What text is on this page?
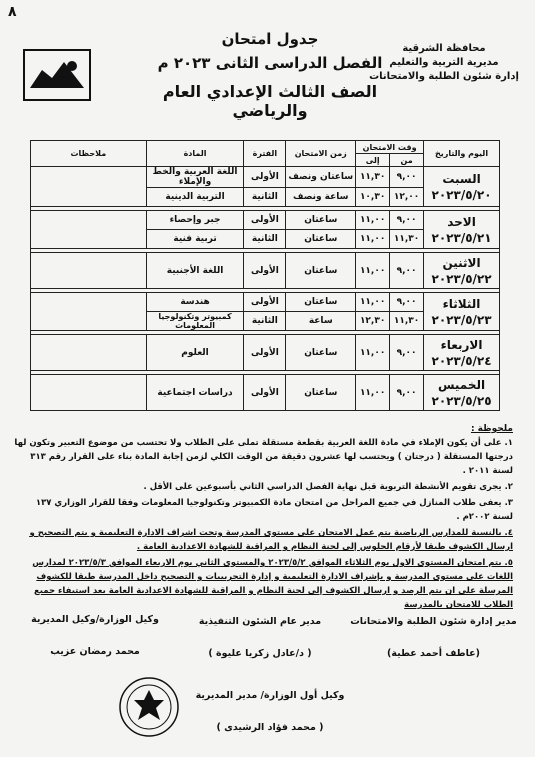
٨
محافظة الشرقية
مديرية التربية والتعليم
إدارة شئون الطلبة والامتحانات
جدول امتحان
الفصل الدراسى الثانى ٢٠٢٣ م
الصف الثالث الإعدادي العام والرياضي
اليوم والتاريخ	وقت الامتحان		زمن الامتحان	الفترة	المادة	ملاحظات
	من	إلى				

السبت
٢٠٢٣/٥/٢٠	٩,٠٠	١١,٣٠	ساعتان ونصف	الأولى	اللغة العربية والخط والإملاء	
	١٢,٠٠	١٠,٣٠	ساعة ونصف	الثانية	التربية الدينية	

الاحد
٢٠٢٣/٥/٢١	٩,٠٠	١١,٠٠	ساعتان	الأولى	جبر وإحصاء	
	١١,٣٠	١١,٠٠	ساعتان	الثانية	تربية فنية	

الاثنين
٢٠٢٣/٥/٢٢	٩,٠٠	١١,٠٠	ساعتان	الأولى	اللغة الأجنبية	

الثلاثاء
٢٠٢٣/٥/٢٣	٩,٠٠	١١,٠٠	ساعتان	الأولى	هندسة	
	١١,٣٠	١٢,٣٠	ساعة	الثانية	كمبيوتر وتكنولوجيا المعلومات	

الاربعاء
٢٠٢٣/٥/٢٤	٩,٠٠	١١,٠٠	ساعتان	الأولى	العلوم	

الخميس
٢٠٢٣/٥/٢٥	٩,٠٠	١١,٠٠	ساعتان	الأولى	دراسات اجتماعية	
ملحوظة :

١. على أن يكون الإملاء في مادة اللغة العربية بقطعة مستقلة تملى على الطلاب ولا تحتسب من موضوع التعبير وتكون لها درجتها المستقلة ( درجتان ) ويحتسب لها عشرون دقيقة من الوقت الكلي لزمن إجابة المادة بناء على القرار رقم ٣١٣ لسنة ٢٠١١ .

٢. يجرى تقويم الأنشطة التربوية قبل نهاية الفصل الدراسي الثاني بأسبوعين على الأقل .

٣. يعفى طلاب المنازل في جميع المراحل من امتحان مادة الكمبيوتر وتكنولوجيا المعلومات وفقا للقرار الوزاري ١٣٧ لسنة ٢٠٠٢م .

٤. بالنسبة للمدارس الرياضية يتم عمل الامتحان على مستوى المدرسة وتحت اشراف الادارة التعليمية و يتم التصحيح و ارسال الكشوف طبقا لأرقام الجلوس إلى لجنة النظام و المراقبة للشهادة الاعدادية العامة .

٥. يتم امتحان المستوى الاول يوم الثلاثاء الموافق ٢٠٢٣/٥/٢ والمستوى الثاني يوم الاربعاء الموافق ٢٠٢٣/٥/٣ لمدارس اللغات على مستوى المدرسة و بإشراف الادارة التعليمية و إدارة التجريبيات و التصحيح داخل المدرسة طبقا للكشوف المرسلة على ان يتم الرصد و ارسال الكشوف إلى لجنة النظام و المراقبة للشهادة الاعدادية العامة بعد استيفاء جميع الطلاب للامتحان بالمدرسة

مدير إدارة شئون الطلبة والامتحانات
(عاطف أحمد عطية)
مدير عام الشئون التنفيذية
( د/عادل زكريا عليوة )
وكيل الوزارة/وكيل المديرية
محمد رمضان عزيب
وكيل أول الوزارة/ مدير المديرية
( محمد فؤاد الرشيدى )
